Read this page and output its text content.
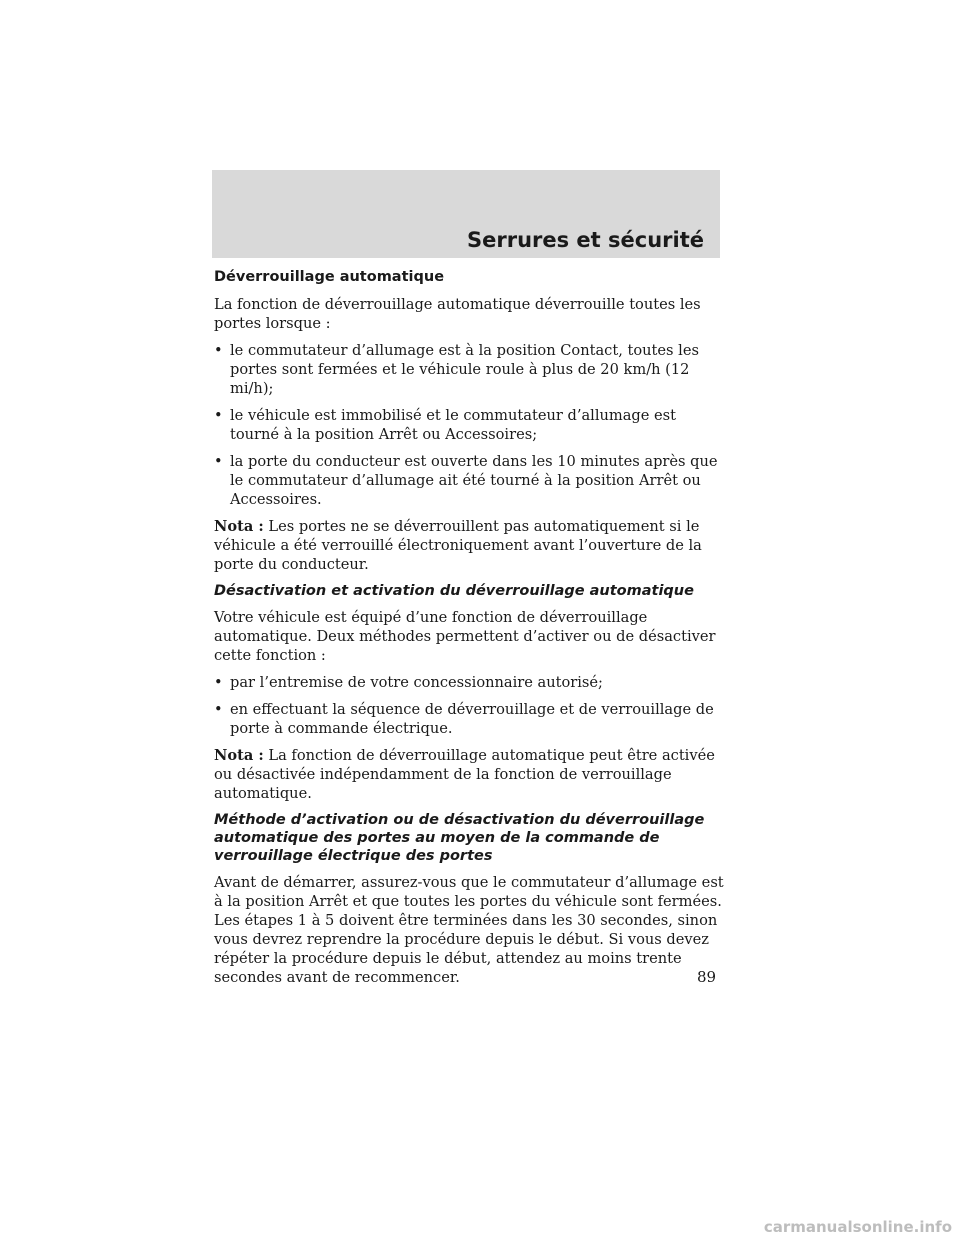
Serrures et sécurité
Déverrouillage automatique

La fonction de déverrouillage automatique déverrouille toutes les portes lorsque :

• le commutateur d’allumage est à la position Contact, toutes les portes sont fermées et le véhicule roule à plus de 20 km/h (12 mi/h);
• le véhicule est immobilisé et le commutateur d’allumage est tourné à la position Arrêt ou Accessoires;
• la porte du conducteur est ouverte dans les 10 minutes après que le commutateur d’allumage ait été tourné à la position Arrêt ou Accessoires.

Nota : Les portes ne se déverrouillent pas automatiquement si le véhicule a été verrouillé électroniquement avant l’ouverture de la porte du conducteur.

Désactivation et activation du déverrouillage automatique

Votre véhicule est équipé d’une fonction de déverrouillage automatique. Deux méthodes permettent d’activer ou de désactiver cette fonction :

• par l’entremise de votre concessionnaire autorisé;
• en effectuant la séquence de déverrouillage et de verrouillage de porte à commande électrique.

Nota : La fonction de déverrouillage automatique peut être activée ou désactivée indépendamment de la fonction de verrouillage automatique.

Méthode d’activation ou de désactivation du déverrouillage automatique des portes au moyen de la commande de verrouillage électrique des portes

Avant de démarrer, assurez-vous que le commutateur d’allumage est à la position Arrêt et que toutes les portes du véhicule sont fermées. Les étapes 1 à 5 doivent être terminées dans les 30 secondes, sinon vous devrez reprendre la procédure depuis le début. Si vous devez répéter la procédure depuis le début, attendez au moins trente secondes avant de recommencer.	89
carmanualsonline.info
